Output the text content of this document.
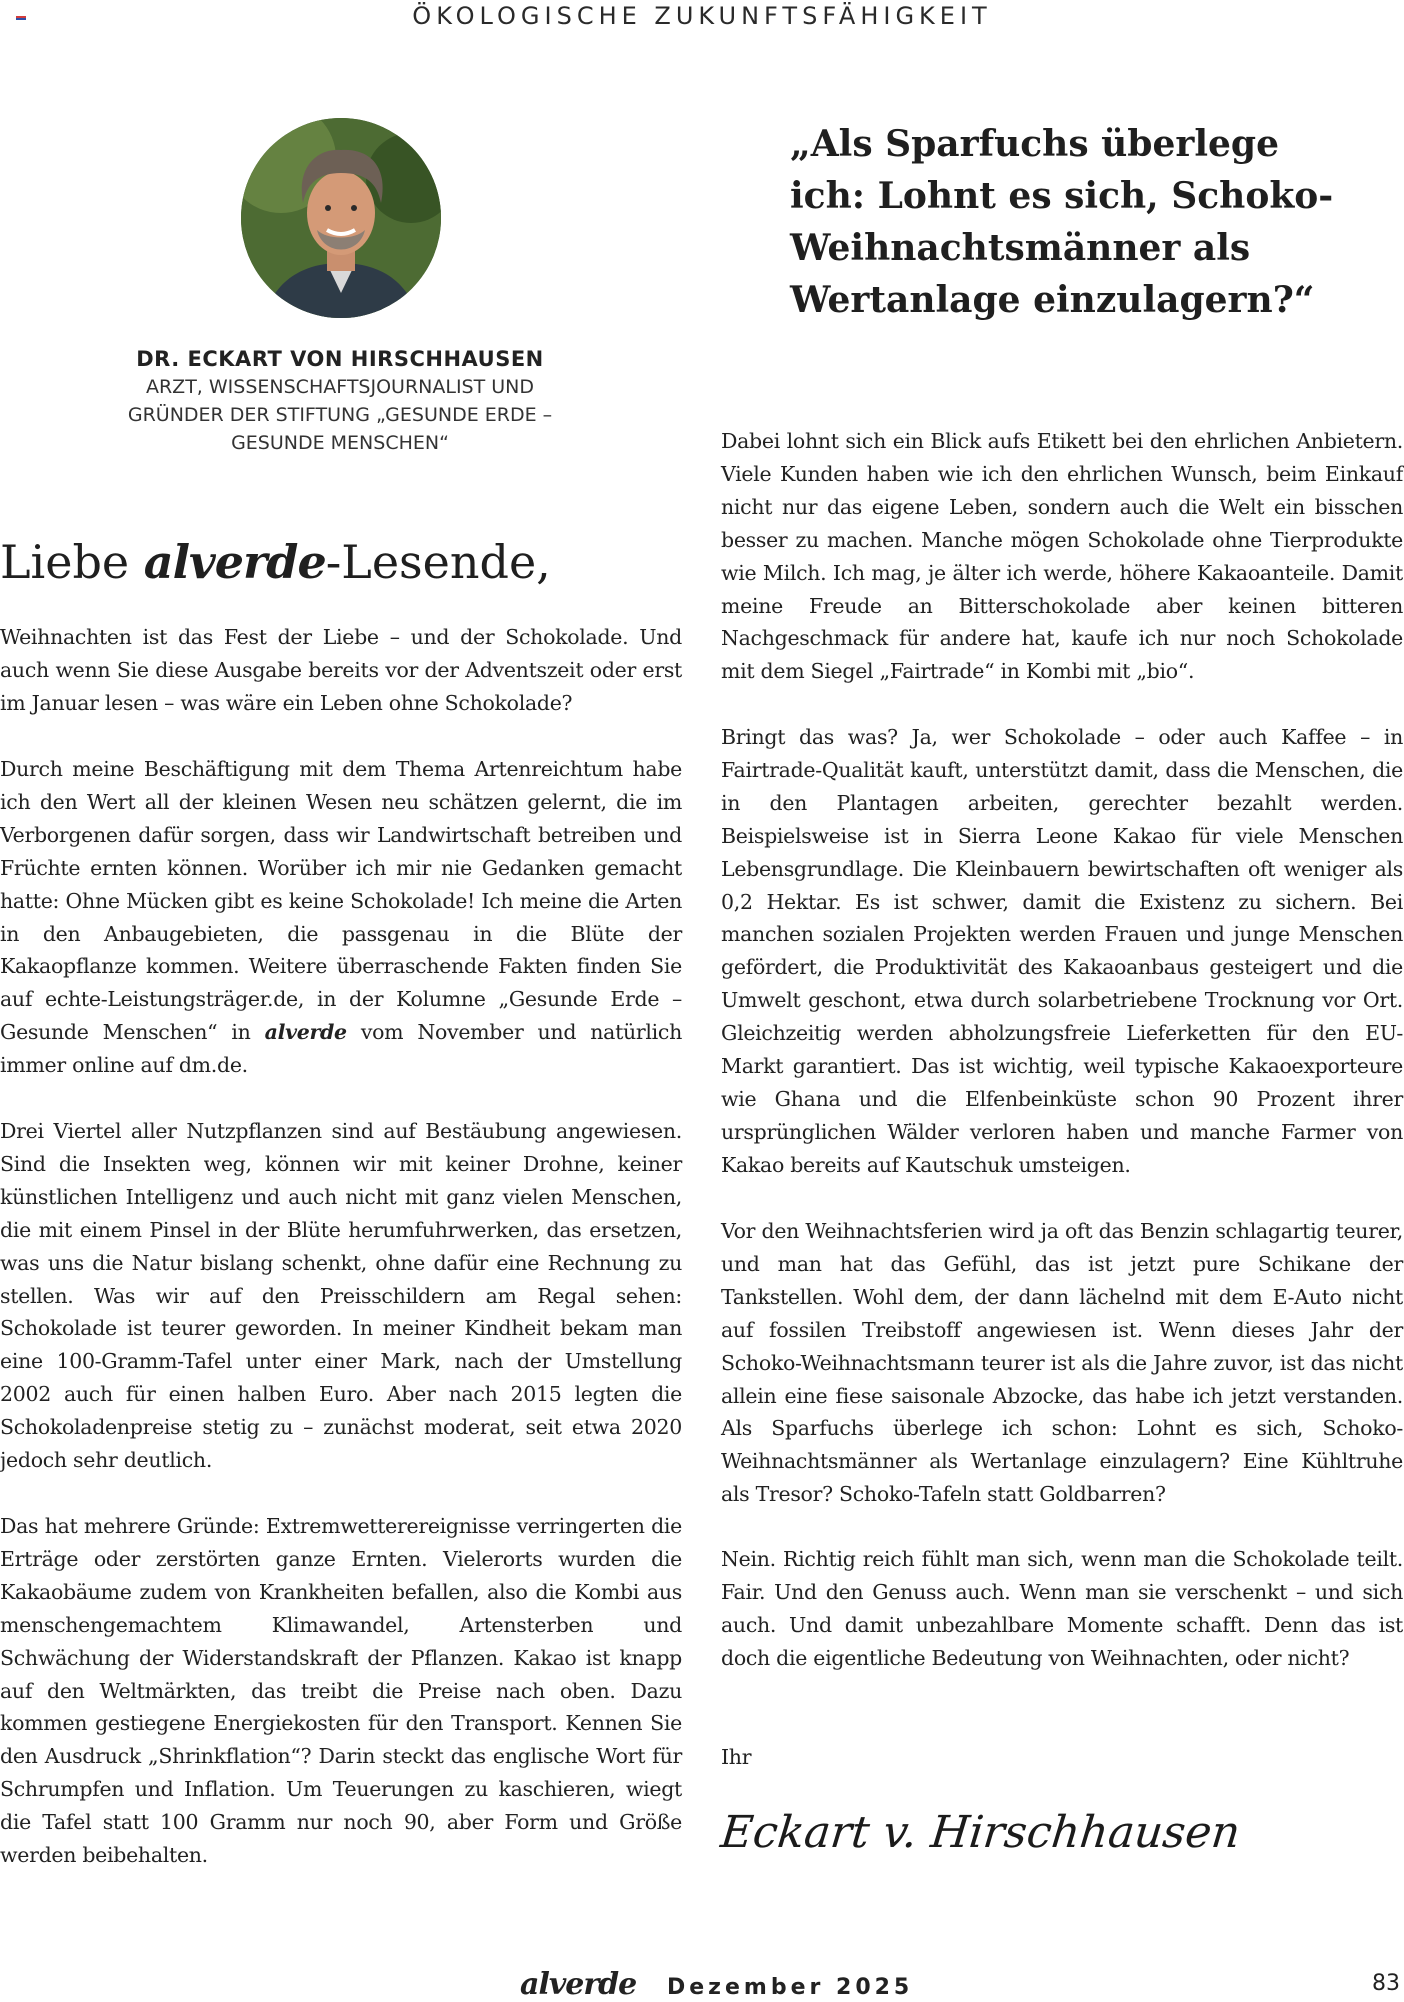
ÖKOLOGISCHE ZUKUNFTSFÄHIGKEIT
DR. ECKART VON HIRSCHHAUSEN
ARZT, WISSENSCHAFTSJOURNALIST UND
GRÜNDER DER STIFTUNG „GESUNDE ERDE –
GESUNDE MENSCHEN“
„Als Sparfuchs überlege
ich: Lohnt es sich, Schoko-
Weihnachtsmänner als
Wertanlage einzulagern?“
Liebe alverde-Lesende,

Weihnachten ist das Fest der Liebe – und der Schokolade. Und auch wenn Sie diese Ausgabe bereits vor der Adventszeit oder erst im Januar lesen – was wäre ein Leben ohne Schokolade?

Durch meine Beschäftigung mit dem Thema Artenreichtum habe ich den Wert all der kleinen Wesen neu schätzen gelernt, die im Verborgenen dafür sorgen, dass wir Landwirtschaft betreiben und Früchte ernten können. Worüber ich mir nie Gedanken gemacht hatte: Ohne Mücken gibt es keine Schokolade! Ich meine die Arten in den Anbaugebieten, die passgenau in die Blüte der Kakaopflanze kommen. Weitere überraschende Fakten finden Sie auf echte-Leistungsträger.de, in der Kolumne „Gesunde Erde – Gesunde Menschen“ in alverde vom November und natürlich immer online auf dm.de.

Drei Viertel aller Nutzpflanzen sind auf Bestäubung angewiesen. Sind die Insekten weg, können wir mit keiner Drohne, keiner künstlichen Intelligenz und auch nicht mit ganz vielen Menschen, die mit einem Pinsel in der Blüte herumfuhrwerken, das ersetzen, was uns die Natur bislang schenkt, ohne dafür eine Rechnung zu stellen. Was wir auf den Preisschildern am Regal sehen: Schokolade ist teurer geworden. In meiner Kindheit bekam man eine 100-Gramm-Tafel unter einer Mark, nach der Umstellung 2002 auch für einen halben Euro. Aber nach 2015 legten die Schokoladenpreise stetig zu – zunächst moderat, seit etwa 2020 jedoch sehr deutlich.

Das hat mehrere Gründe: Extremwetterereignisse verringerten die Erträge oder zerstörten ganze Ernten. Vielerorts wurden die Kakaobäume zudem von Krankheiten befallen, also die Kombi aus menschengemachtem Klimawandel, Artensterben und Schwächung der Widerstandskraft der Pflanzen. Kakao ist knapp auf den Weltmärkten, das treibt die Preise nach oben. Dazu kommen gestiegene Energiekosten für den Transport. Kennen Sie den Ausdruck „Shrinkflation“? Darin steckt das englische Wort für Schrumpfen und Inflation. Um Teuerungen zu kaschieren, wiegt die Tafel statt 100 Gramm nur noch 90, aber Form und Größe werden beibehalten.

Dabei lohnt sich ein Blick aufs Etikett bei den ehrlichen Anbietern. Viele Kunden haben wie ich den ehrlichen Wunsch, beim Einkauf nicht nur das eigene Leben, sondern auch die Welt ein bisschen besser zu machen. Manche mögen Schokolade ohne Tierprodukte wie Milch. Ich mag, je älter ich werde, höhere Kakaoanteile. Damit meine Freude an Bitterschokolade aber keinen bitteren Nachgeschmack für andere hat, kaufe ich nur noch Schokolade mit dem Siegel „Fairtrade“ in Kombi mit „bio“.

Bringt das was? Ja, wer Schokolade – oder auch Kaffee – in Fairtrade-Qualität kauft, unterstützt damit, dass die Menschen, die in den Plantagen arbeiten, gerechter bezahlt werden. Beispielsweise ist in Sierra Leone Kakao für viele Menschen Lebensgrundlage. Die Kleinbauern bewirtschaften oft weniger als 0,2 Hektar. Es ist schwer, damit die Existenz zu sichern. Bei manchen sozialen Projekten werden Frauen und junge Menschen gefördert, die Produktivität des Kakaoanbaus gesteigert und die Umwelt geschont, etwa durch solarbetriebene Trocknung vor Ort. Gleichzeitig werden abholzungsfreie Lieferketten für den EU-Markt garantiert. Das ist wichtig, weil typische Kakaoexporteure wie Ghana und die Elfenbeinküste schon 90 Prozent ihrer ursprünglichen Wälder verloren haben und manche Farmer von Kakao bereits auf Kautschuk umsteigen.

Vor den Weihnachtsferien wird ja oft das Benzin schlagartig teurer, und man hat das Gefühl, das ist jetzt pure Schikane der Tankstellen. Wohl dem, der dann lächelnd mit dem E-Auto nicht auf fossilen Treibstoff angewiesen ist. Wenn dieses Jahr der Schoko-Weihnachtsmann teurer ist als die Jahre zuvor, ist das nicht allein eine fiese saisonale Abzocke, das habe ich jetzt verstanden. Als Sparfuchs überlege ich schon: Lohnt es sich, Schoko-Weihnachtsmänner als Wertanlage einzulagern? Eine Kühltruhe als Tresor? Schoko-Tafeln statt Goldbarren?

Nein. Richtig reich fühlt man sich, wenn man die Schokolade teilt. Fair. Und den Genuss auch. Wenn man sie verschenkt – und sich auch. Und damit unbezahlbare Momente schafft. Denn das ist doch die eigentliche Bedeutung von Weihnachten, oder nicht?

Ihr

Eckart v. Hirschhausen
alverde Dezember 2025	83
